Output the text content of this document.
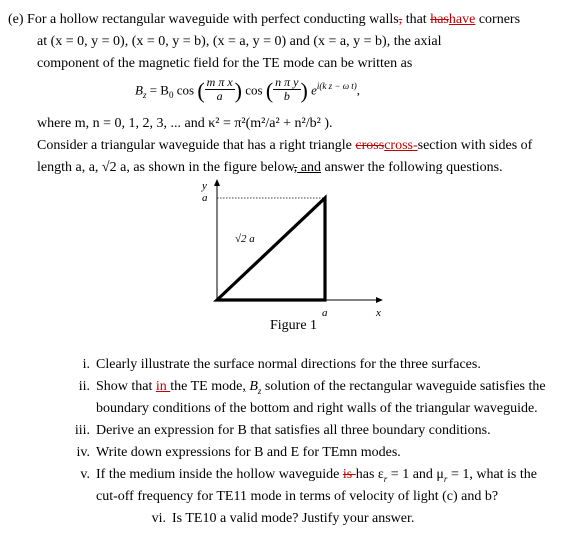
(e) For a hollow rectangular waveguide with perfect conducting walls, that hashave corners
at (x = 0, y = 0), (x = 0, y = b), (x = a, y = 0) and (x = a, y = b), the axial
component of the magnetic field for the TE mode can be written as
$B_z = B_0$ cos ( $\frac{\text{m π x}}{a}$ ) cos ( $\frac{\text{n π y}}{b}$ ) $e^{i(k z - \omega t)}$,
where m, n = 0, 1, 2, 3, ... and κ² = π²(m²/a² + n²/b² ).
Consider a triangular waveguide that has a right triangle crosscross-section with sides of
length a, a, √2 a, as shown in the figure below, and answer the following questions.
y
x
a
a
√2 a
Figure 1
i. Clearly illustrate the surface normal directions for the three surfaces.
ii. Show that in the TE mode, $B_z$ solution of the rectangular waveguide satisfies the
boundary conditions of the bottom and right walls of the triangular waveguide.
iii. Derive an expression for B that satisfies all three boundary conditions.
iv. Write down expressions for B and E for TEmn modes.
v. If the medium inside the hollow waveguide is has $\varepsilon_r = 1$ and $\mu_r = 1$, what is the
cut-off frequency for TE11 mode in terms of velocity of light (c) and b?
vi. Is TE10 a valid mode? Justify your answer.
